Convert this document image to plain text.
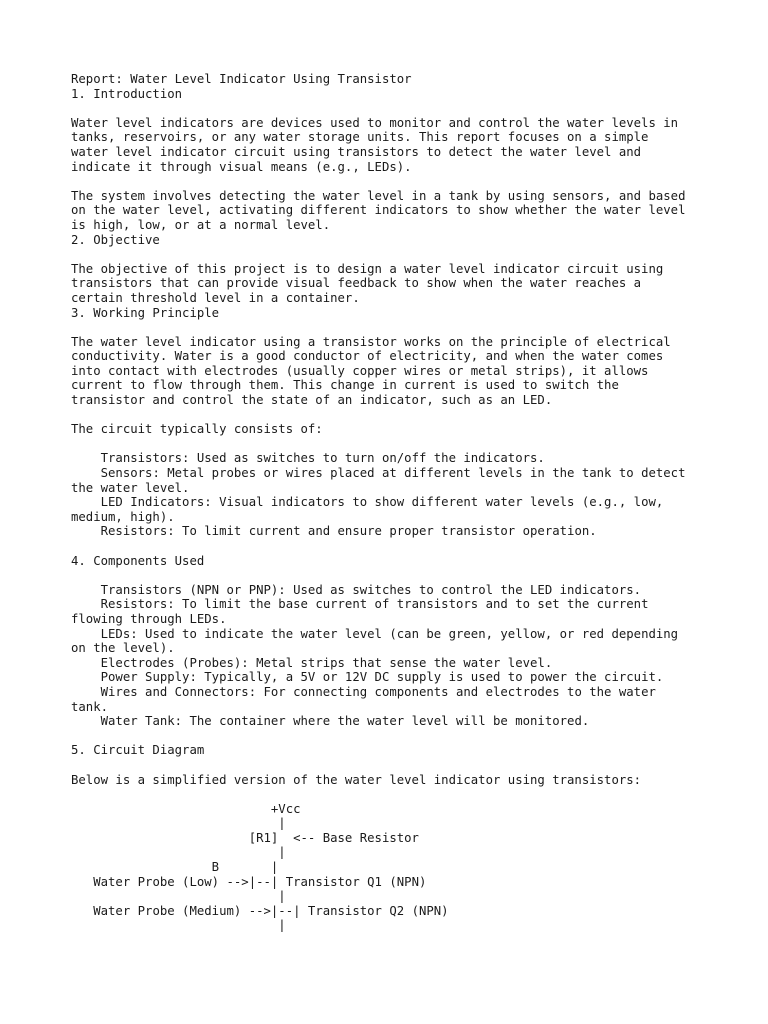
Report: Water Level Indicator Using Transistor
1. Introduction
Water level indicators are devices used to monitor and control the water levels in
tanks, reservoirs, or any water storage units. This report focuses on a simple
water level indicator circuit using transistors to detect the water level and
indicate it through visual means (e.g., LEDs).
The system involves detecting the water level in a tank by using sensors, and based
on the water level, activating different indicators to show whether the water level
is high, low, or at a normal level.
2. Objective
The objective of this project is to design a water level indicator circuit using
transistors that can provide visual feedback to show when the water reaches a
certain threshold level in a container.
3. Working Principle
The water level indicator using a transistor works on the principle of electrical
conductivity. Water is a good conductor of electricity, and when the water comes
into contact with electrodes (usually copper wires or metal strips), it allows
current to flow through them. This change in current is used to switch the
transistor and control the state of an indicator, such as an LED.
The circuit typically consists of:
Transistors: Used as switches to turn on/off the indicators.
Sensors: Metal probes or wires placed at different levels in the tank to detect
the water level.
LED Indicators: Visual indicators to show different water levels (e.g., low,
medium, high).
Resistors: To limit current and ensure proper transistor operation.
4. Components Used
Transistors (NPN or PNP): Used as switches to control the LED indicators.
Resistors: To limit the base current of transistors and to set the current
flowing through LEDs.
LEDs: Used to indicate the water level (can be green, yellow, or red depending
on the level).
Electrodes (Probes): Metal strips that sense the water level.
Power Supply: Typically, a 5V or 12V DC supply is used to power the circuit.
Wires and Connectors: For connecting components and electrodes to the water
tank.
Water Tank: The container where the water level will be monitored.
5. Circuit Diagram
Below is a simplified version of the water level indicator using transistors:
+Vcc
|
[R1]  <-- Base Resistor
|
B       |
Water Probe (Low) -->|--| Transistor Q1 (NPN)
|
Water Probe (Medium) -->|--| Transistor Q2 (NPN)
|
